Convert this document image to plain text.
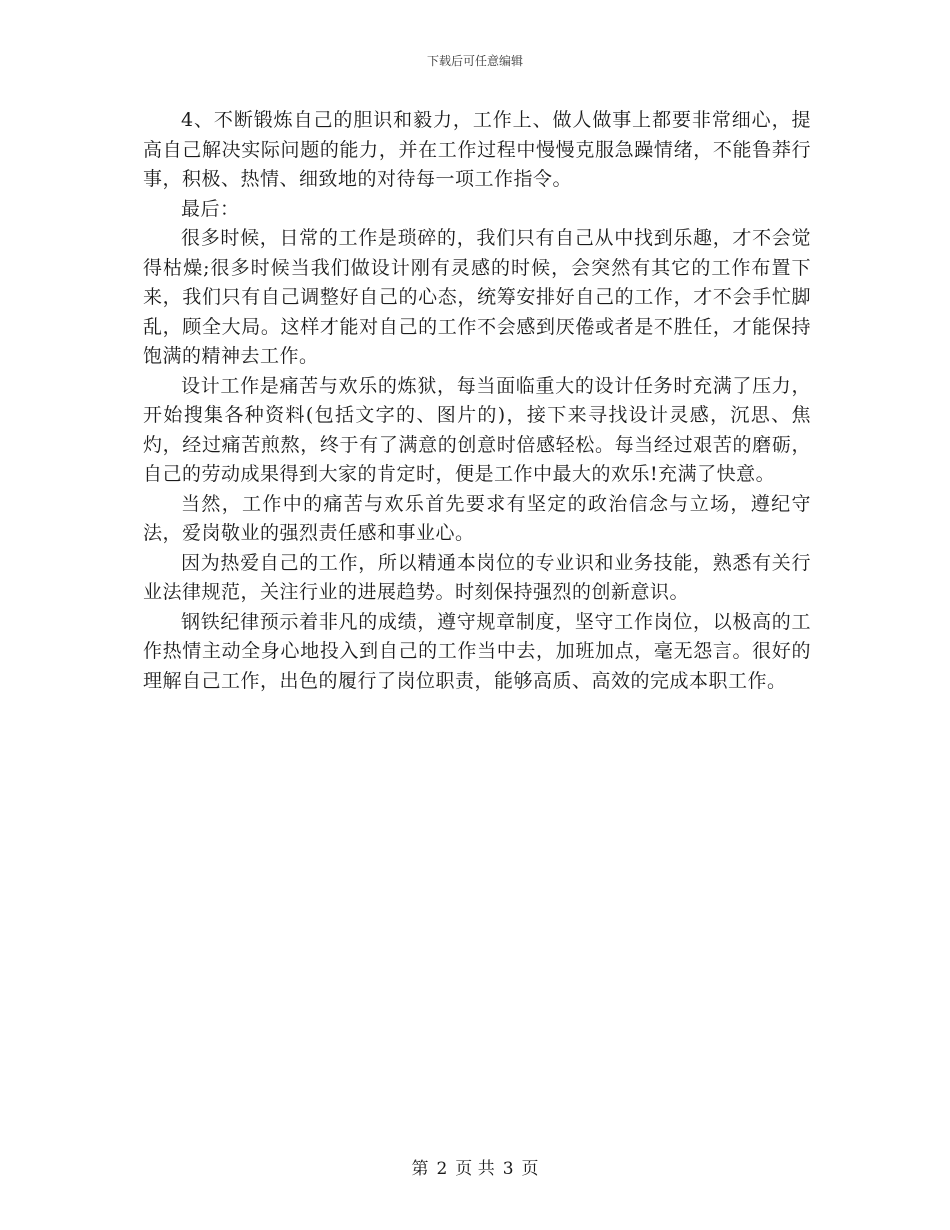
下载后可任意编辑

4、不断锻炼自己的胆识和毅力，工作上、做人做事上都要非常细心，提高自己解决实际问题的能力，并在工作过程中慢慢克服急躁情绪，不能鲁莽行事，积极、热情、细致地的对待每一项工作指令。

最后：

很多时候，日常的工作是琐碎的，我们只有自己从中找到乐趣，才不会觉得枯燥;很多时候当我们做设计刚有灵感的时候，会突然有其它的工作布置下来，我们只有自己调整好自己的心态，统筹安排好自己的工作，才不会手忙脚乱，顾全大局。这样才能对自己的工作不会感到厌倦或者是不胜任，才能保持饱满的精神去工作。

设计工作是痛苦与欢乐的炼狱，每当面临重大的设计任务时充满了压力，开始搜集各种资料(包括文字的、图片的)，接下来寻找设计灵感，沉思、焦灼，经过痛苦煎熬，终于有了满意的创意时倍感轻松。每当经过艰苦的磨砺，自己的劳动成果得到大家的肯定时，便是工作中最大的欢乐!充满了快意。

当然，工作中的痛苦与欢乐首先要求有坚定的政治信念与立场，遵纪守法，爱岗敬业的强烈责任感和事业心。

因为热爱自己的工作，所以精通本岗位的专业识和业务技能，熟悉有关行业法律规范，关注行业的进展趋势。时刻保持强烈的创新意识。

钢铁纪律预示着非凡的成绩，遵守规章制度，坚守工作岗位，以极高的工作热情主动全身心地投入到自己的工作当中去，加班加点，毫无怨言。很好的理解自己工作，出色的履行了岗位职责，能够高质、高效的完成本职工作。

第 2 页 共 3 页
